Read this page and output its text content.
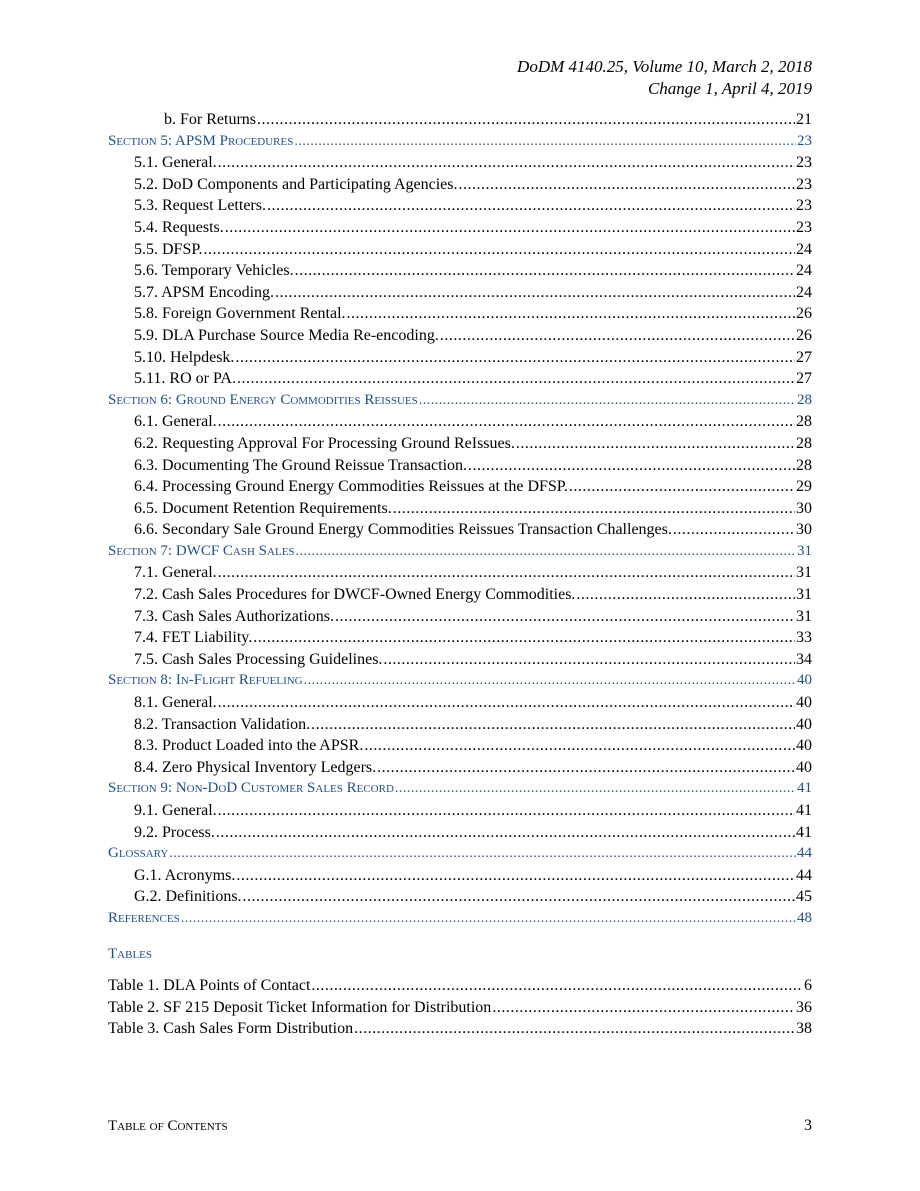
DoDM 4140.25, Volume 10, March 2, 2018
Change 1, April 4, 2019
b. For Returns .....	21
Section 5: APSM Procedures .....	23
5.1. General. .....	23
5.2. DoD Components and Participating Agencies. .....	23
5.3. Request Letters. .....	23
5.4. Requests. .....	23
5.5. DFSP. .....	24
5.6. Temporary Vehicles. .....	24
5.7. APSM Encoding. .....	24
5.8. Foreign Government Rental. .....	26
5.9. DLA Purchase Source Media Re-encoding. .....	26
5.10. Helpdesk. .....	27
5.11. RO or PA. .....	27
Section 6: Ground Energy Commodities Reissues .....	28
6.1. General. .....	28
6.2. Requesting Approval For Processing Ground ReIssues. .....	28
6.3. Documenting The Ground Reissue Transaction. .....	28
6.4. Processing Ground Energy Commodities Reissues at the DFSP. .....	29
6.5. Document Retention Requirements. .....	30
6.6. Secondary Sale Ground Energy Commodities Reissues Transaction Challenges. .....	30
Section 7: DWCF Cash Sales .....	31
7.1. General. .....	31
7.2. Cash Sales Procedures for DWCF-Owned Energy Commodities. .....	31
7.3. Cash Sales Authorizations. .....	31
7.4. FET Liability. .....	33
7.5. Cash Sales Processing Guidelines. .....	34
Section 8: In-Flight Refueling .....	40
8.1. General. .....	40
8.2. Transaction Validation. .....	40
8.3. Product Loaded into the APSR. .....	40
8.4. Zero Physical Inventory Ledgers. .....	40
Section 9: Non-DoD Customer Sales Record .....	41
9.1. General. .....	41
9.2. Process. .....	41
Glossary .....	44
G.1. Acronyms. .....	44
G.2. Definitions. .....	45
References .....	48
Tables
Table 1. DLA Points of Contact .....	6
Table 2. SF 215 Deposit Ticket Information for Distribution .....	36
Table 3. Cash Sales Form Distribution .....	38
Table of Contents	3
